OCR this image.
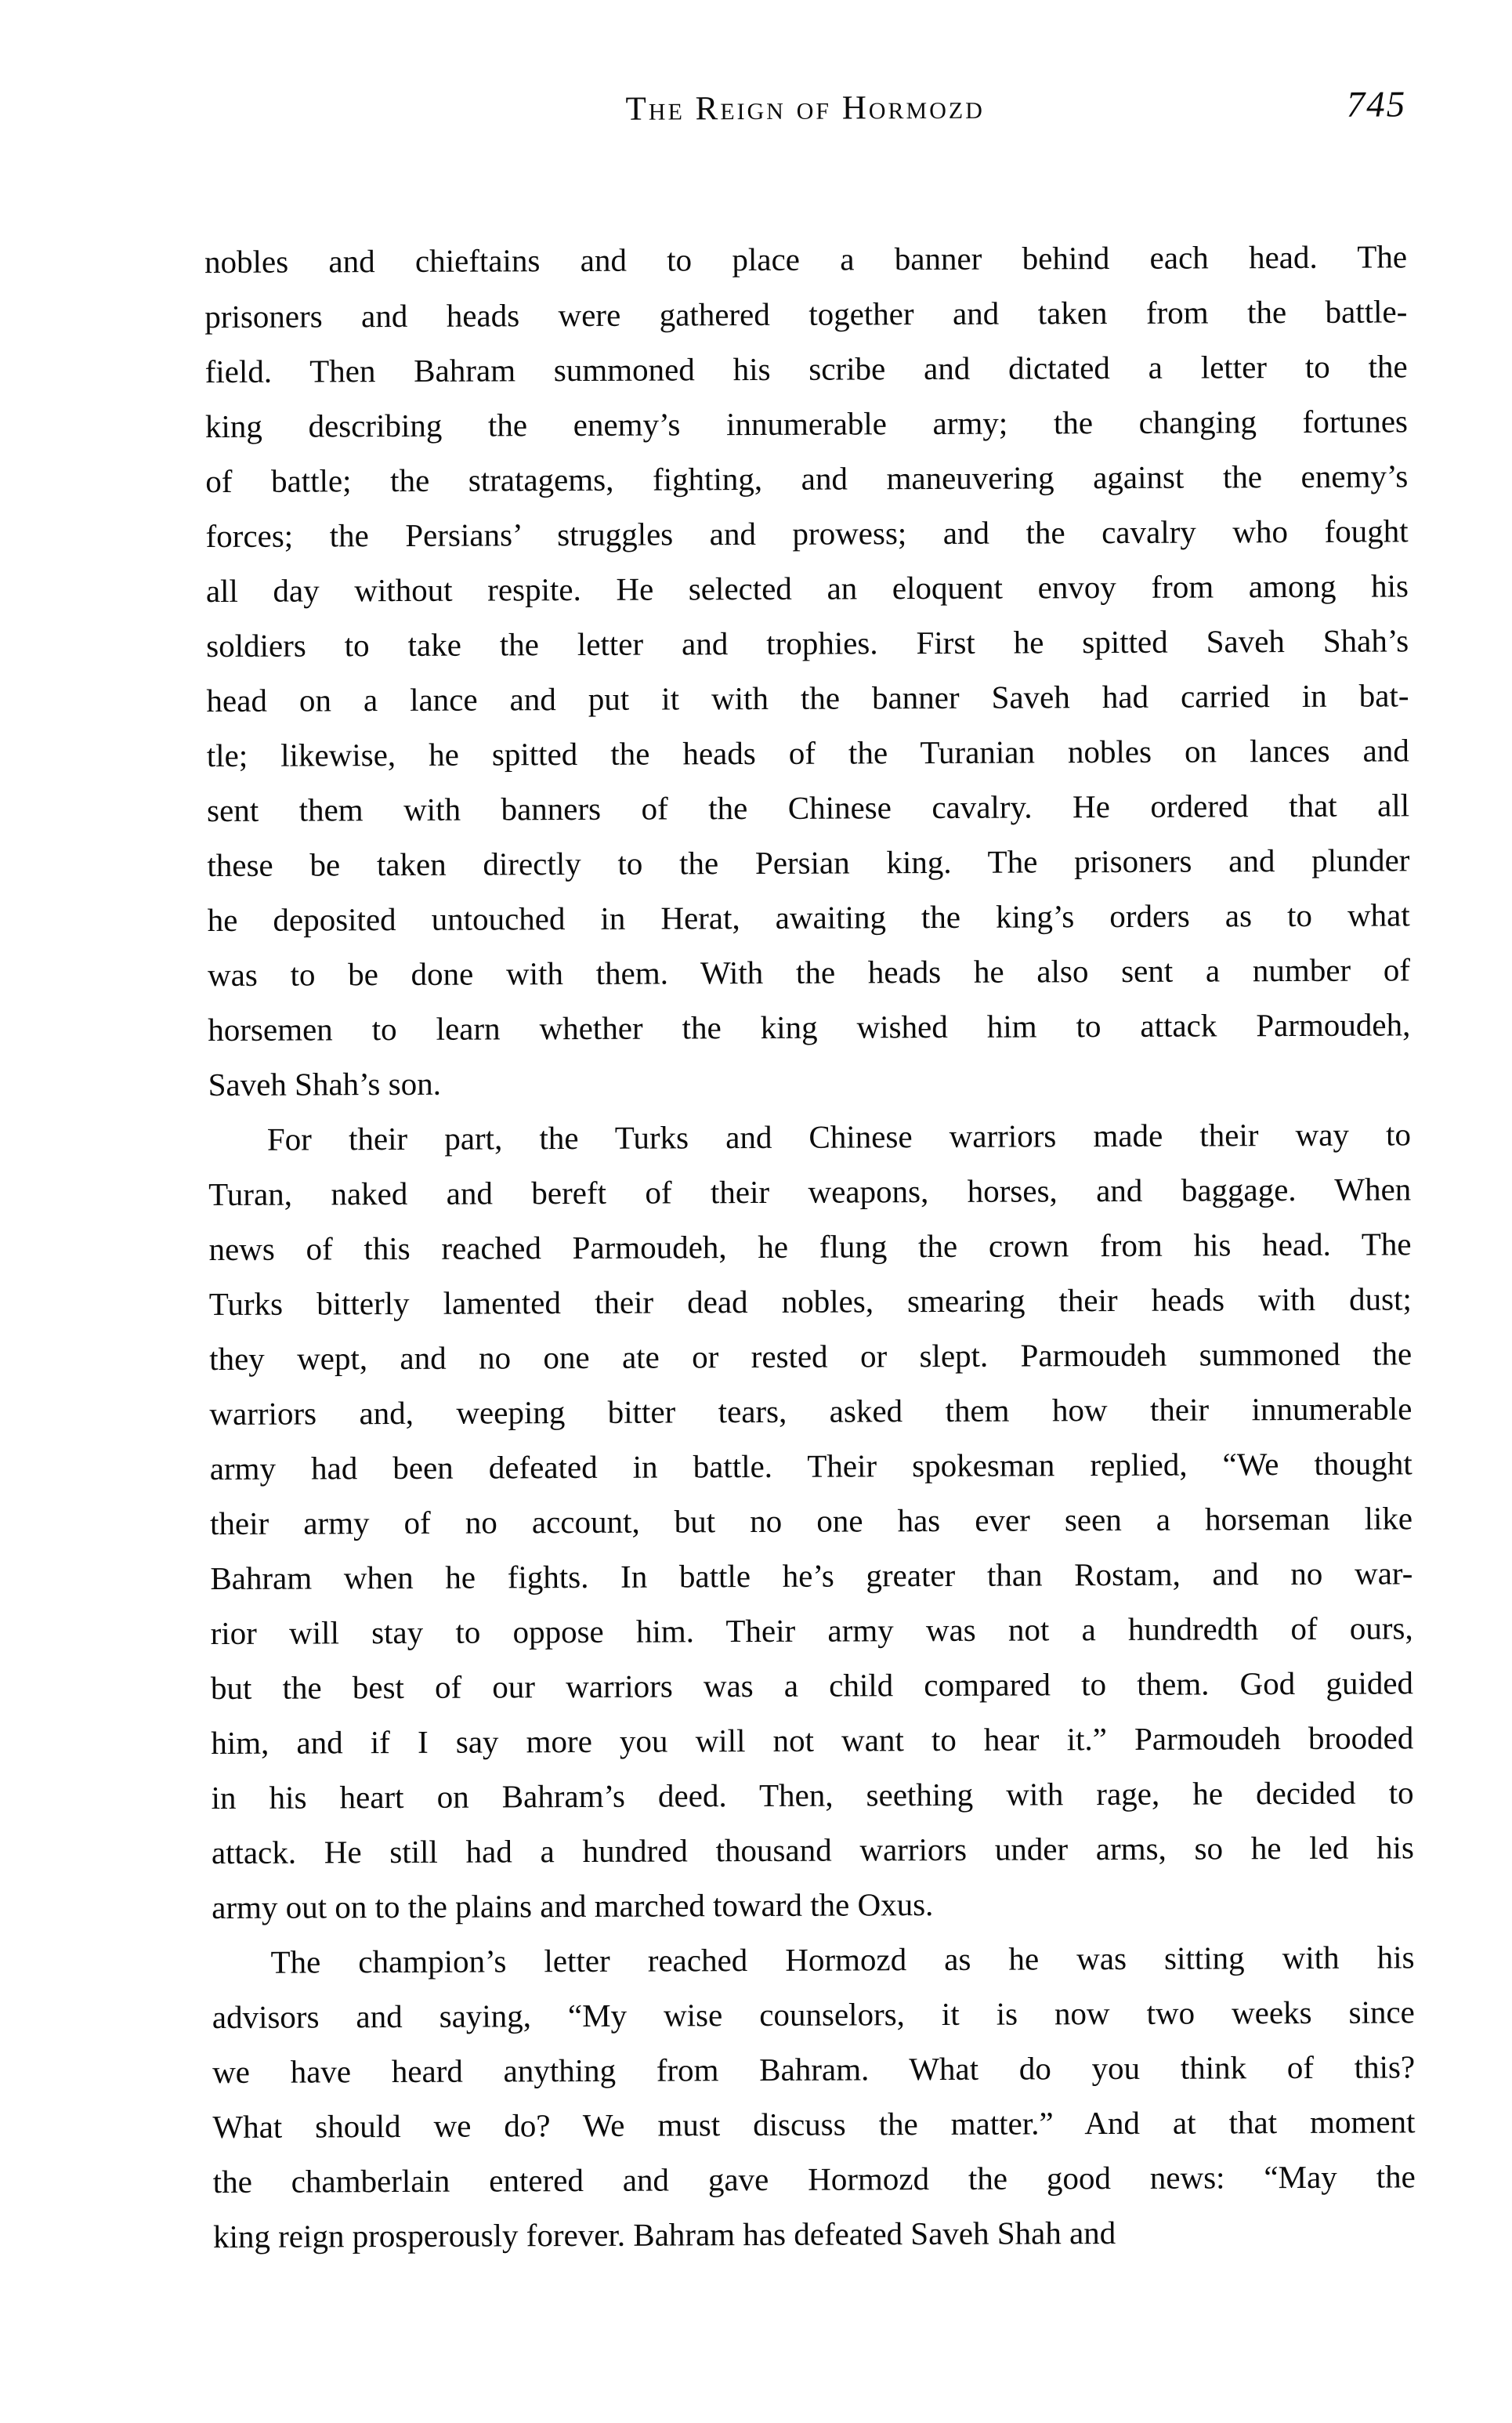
The Reign of Hormozd	745
nobles and chieftains and to place a banner behind each head. The
prisoners and heads were gathered together and taken from the battle-
field. Then Bahram summoned his scribe and dictated a letter to the
king describing the enemy’s innumerable army; the changing fortunes
of battle; the stratagems, fighting, and maneuvering against the enemy’s
forces; the Persians’ struggles and prowess; and the cavalry who fought
all day without respite. He selected an eloquent envoy from among his
soldiers to take the letter and trophies. First he spitted Saveh Shah’s
head on a lance and put it with the banner Saveh had carried in bat-
tle; likewise, he spitted the heads of the Turanian nobles on lances and
sent them with banners of the Chinese cavalry. He ordered that all
these be taken directly to the Persian king. The prisoners and plunder
he deposited untouched in Herat, awaiting the king’s orders as to what
was to be done with them. With the heads he also sent a number of
horsemen to learn whether the king wished him to attack Parmoudeh,
Saveh Shah’s son.
For their part, the Turks and Chinese warriors made their way to
Turan, naked and bereft of their weapons, horses, and baggage. When
news of this reached Parmoudeh, he flung the crown from his head. The
Turks bitterly lamented their dead nobles, smearing their heads with dust;
they wept, and no one ate or rested or slept. Parmoudeh summoned the
warriors and, weeping bitter tears, asked them how their innumerable
army had been defeated in battle. Their spokesman replied, “We thought
their army of no account, but no one has ever seen a horseman like
Bahram when he fights. In battle he’s greater than Rostam, and no war-
rior will stay to oppose him. Their army was not a hundredth of ours,
but the best of our warriors was a child compared to them. God guided
him, and if I say more you will not want to hear it.” Parmoudeh brooded
in his heart on Bahram’s deed. Then, seething with rage, he decided to
attack. He still had a hundred thousand warriors under arms, so he led his
army out on to the plains and marched toward the Oxus.
The champion’s letter reached Hormozd as he was sitting with his
advisors and saying, “My wise counselors, it is now two weeks since
we have heard anything from Bahram. What do you think of this?
What should we do? We must discuss the matter.” And at that moment
the chamberlain entered and gave Hormozd the good news: “May the
king reign prosperously forever. Bahram has defeated Saveh Shah and
